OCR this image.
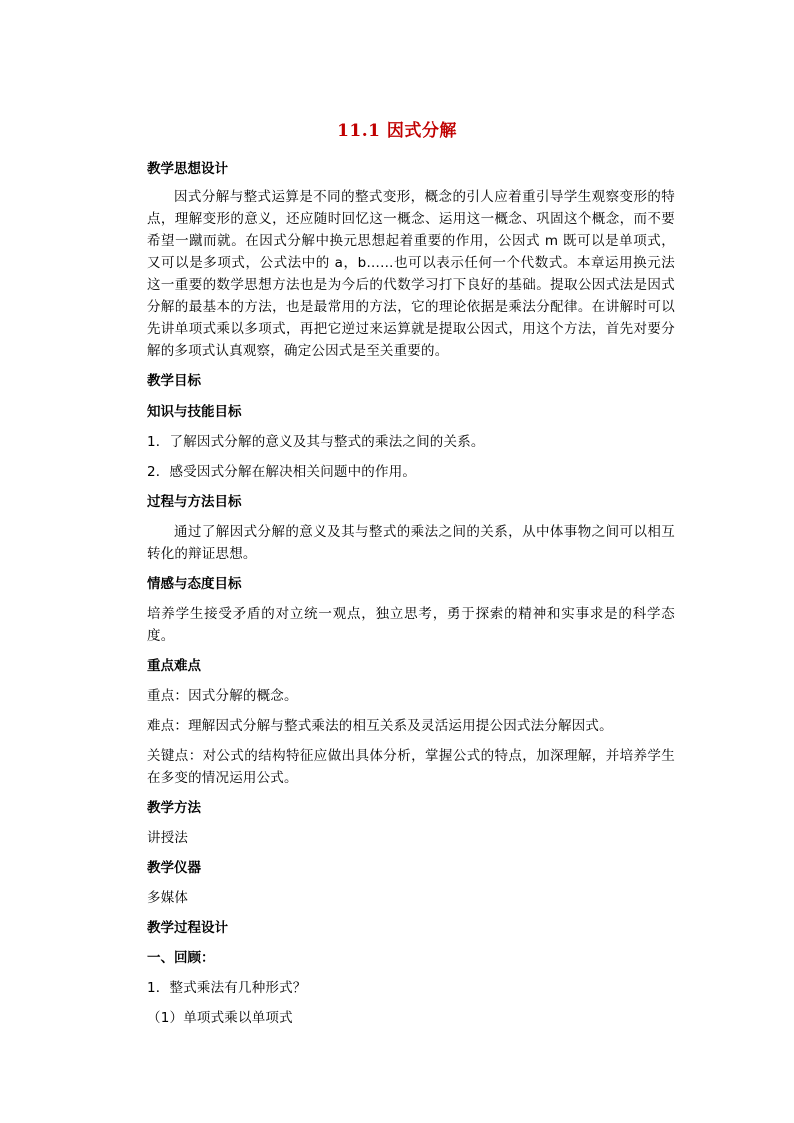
11.1 因式分解

教学思想设计

因式分解与整式运算是不同的整式变形，概念的引人应着重引导学生观察变形的特点，理解变形的意义，还应随时回忆这一概念、运用这一概念、巩固这个概念，而不要希望一蹴而就。在因式分解中换元思想起着重要的作用，公因式 m 既可以是单项式，又可以是多项式，公式法中的 a，b……也可以表示任何一个代数式。本章运用换元法这一重要的数学思想方法也是为今后的代数学习打下良好的基础。提取公因式法是因式分解的最基本的方法，也是最常用的方法，它的理论依据是乘法分配律。在讲解时可以先讲单项式乘以多项式，再把它逆过来运算就是提取公因式，用这个方法，首先对要分解的多项式认真观察，确定公因式是至关重要的。

教学目标

知识与技能目标

1．了解因式分解的意义及其与整式的乘法之间的关系。

2．感受因式分解在解决相关问题中的作用。

过程与方法目标

通过了解因式分解的意义及其与整式的乘法之间的关系，从中体事物之间可以相互转化的辩证思想。

情感与态度目标

培养学生接受矛盾的对立统一观点，独立思考，勇于探索的精神和实事求是的科学态度。

重点难点

重点：因式分解的概念。

难点：理解因式分解与整式乘法的相互关系及灵活运用提公因式法分解因式。

关键点：对公式的结构特征应做出具体分析，掌握公式的特点，加深理解，并培养学生在多变的情况运用公式。

教学方法

讲授法

教学仪器

多媒体

教学过程设计

一、回顾：

1．整式乘法有几种形式？

（1）单项式乘以单项式
